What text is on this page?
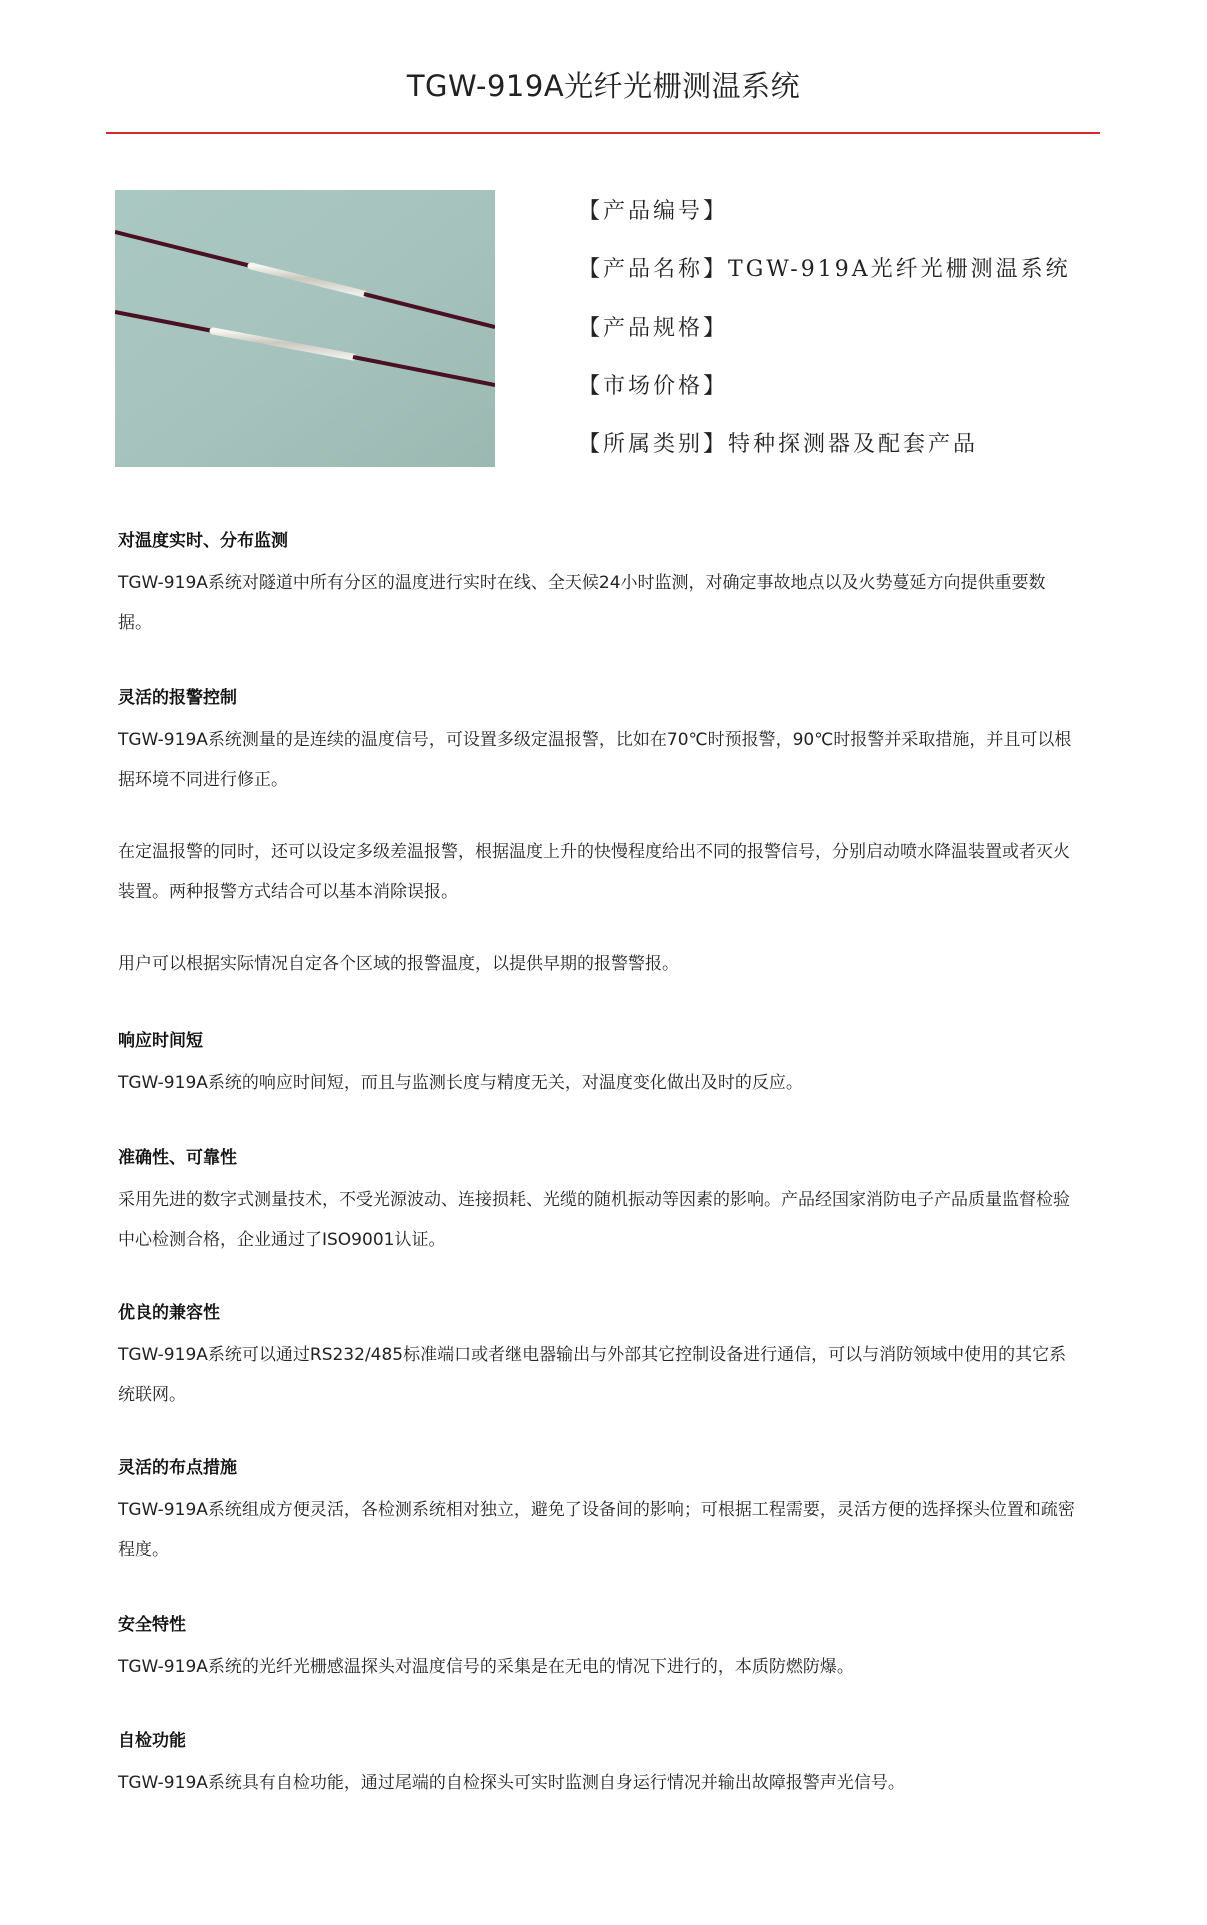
TGW-919A光纤光栅测温系统
【产品编号】
【产品名称】TGW-919A光纤光栅测温系统
【产品规格】
【市场价格】
【所属类别】特种探测器及配套产品
对温度实时、分布监测
TGW-919A系统对隧道中所有分区的温度进行实时在线、全天候24小时监测，对确定事故地点以及火势蔓延方向提供重要数据。
灵活的报警控制
TGW-919A系统测量的是连续的温度信号，可设置多级定温报警，比如在70℃时预报警，90℃时报警并采取措施，并且可以根据环境不同进行修正。
在定温报警的同时，还可以设定多级差温报警，根据温度上升的快慢程度给出不同的报警信号，分别启动喷水降温装置或者灭火装置。两种报警方式结合可以基本消除误报。
用户可以根据实际情况自定各个区域的报警温度，以提供早期的报警警报。
响应时间短
TGW-919A系统的响应时间短，而且与监测长度与精度无关，对温度变化做出及时的反应。
准确性、可靠性
采用先进的数字式测量技术，不受光源波动、连接损耗、光缆的随机振动等因素的影响。产品经国家消防电子产品质量监督检验中心检测合格，企业通过了ISO9001认证。
优良的兼容性
TGW-919A系统可以通过RS232/485标准端口或者继电器输出与外部其它控制设备进行通信，可以与消防领域中使用的其它系统联网。
灵活的布点措施
TGW-919A系统组成方便灵活，各检测系统相对独立，避免了设备间的影响；可根据工程需要，灵活方便的选择探头位置和疏密程度。
安全特性
TGW-919A系统的光纤光栅感温探头对温度信号的采集是在无电的情况下进行的，本质防燃防爆。
自检功能
TGW-919A系统具有自检功能，通过尾端的自检探头可实时监测自身运行情况并输出故障报警声光信号。
